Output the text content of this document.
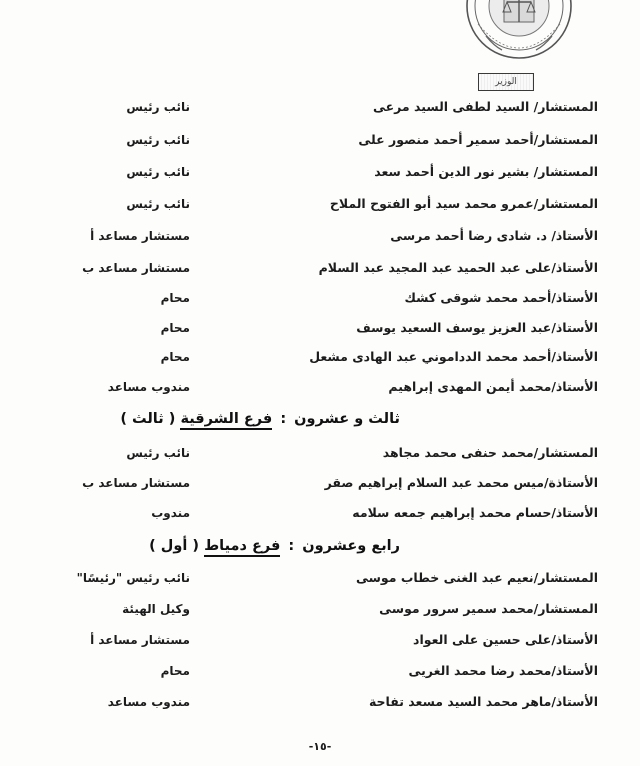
الوزير
المستشار/ السيد لطفى السيد مرعى
نائب رئيس
المستشار/أحمد سمير أحمد منصور على
نائب رئيس
المستشار/ بشير نور الدين أحمد سعد
نائب رئيس
المستشار/عمرو محمد سيد أبو الفتوح الملاح
نائب رئيس
الأستاذ/ د. شادى رضا أحمد مرسى
مستشار مساعد أ
الأستاذ/على عبد الحميد عبد المجيد عبد السلام
مستشار مساعد ب
الأستاذ/أحمد محمد شوقى كشك
محام
الأستاذ/عبد العزيز يوسف السعيد يوسف
محام
الأستاذ/أحمد محمد الدداموني عبد الهادى مشعل
محام
الأستاذ/محمد أيمن المهدى إبراهيم
مندوب مساعد
ثالث و عشرون:فرع الشرقية ( ثالث )
المستشار/محمد حنفى محمد مجاهد
نائب رئيس
الأستاذة/ميس محمد عبد السلام إبراهيم صقر
مستشار مساعد ب
الأستاذ/حسام محمد إبراهيم جمعه سلامه
مندوب
رابع وعشرون:فرع دمياط ( أول )
المستشار/نعيم عبد الغنى خطاب موسى
نائب رئيس "رئيسًا"
المستشار/محمد سمير سرور موسى
وكيل الهيئة
الأستاذ/على حسين على العواد
مستشار مساعد أ
الأستاذ/محمد رضا محمد الغريى
محام
الأستاذ/ماهر محمد السيد مسعد تفاحة
مندوب مساعد
-١٥-
